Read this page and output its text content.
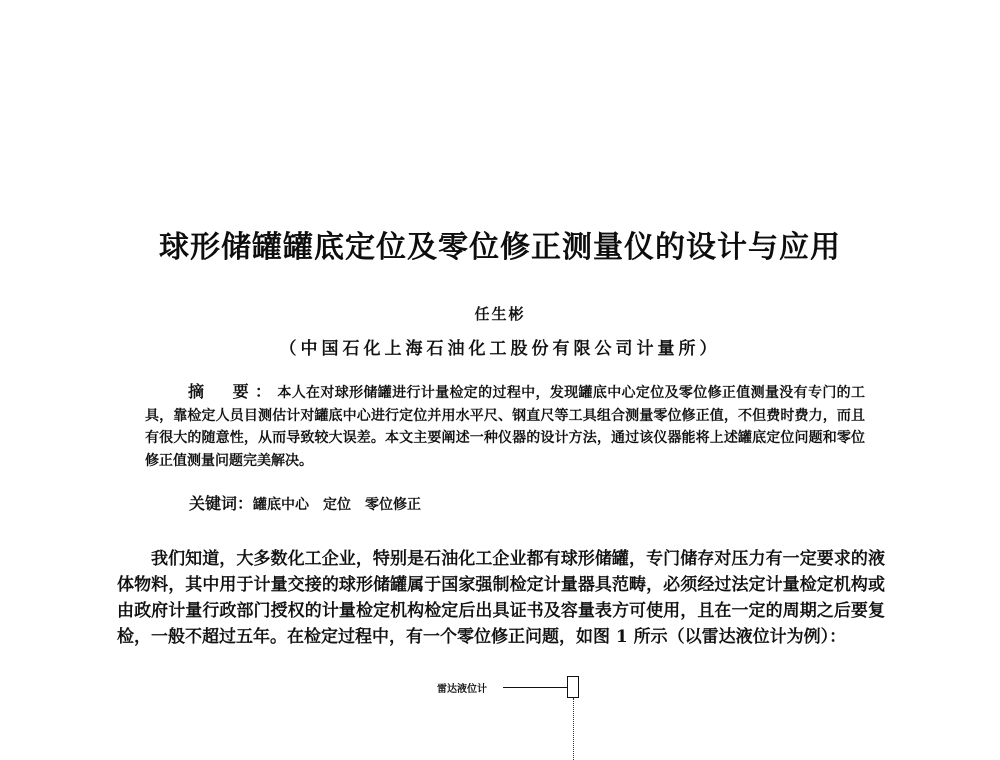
球形储罐罐底定位及零位修正测量仪的设计与应用
任生彬
（中国石化上海石油化工股份有限公司计量所）
摘　要：本人在对球形储罐进行计量检定的过程中，发现罐底中心定位及零位修正值测量没有专门的工具，靠检定人员目测估计对罐底中心进行定位并用水平尺、钢直尺等工具组合测量零位修正值，不但费时费力，而且有很大的随意性，从而导致较大误差。本文主要阐述一种仪器的设计方法，通过该仪器能将上述罐底定位问题和零位修正值测量问题完美解决。
关键词：罐底中心 定位 零位修正
我们知道，大多数化工企业，特别是石油化工企业都有球形储罐，专门储存对压力有一定要求的液体物料，其中用于计量交接的球形储罐属于国家强制检定计量器具范畴，必须经过法定计量检定机构或由政府计量行政部门授权的计量检定机构检定后出具证书及容量表方可使用，且在一定的周期之后要复检，一般不超过五年。在检定过程中，有一个零位修正问题，如图 1 所示（以雷达液位计为例）：
雷达液位计
